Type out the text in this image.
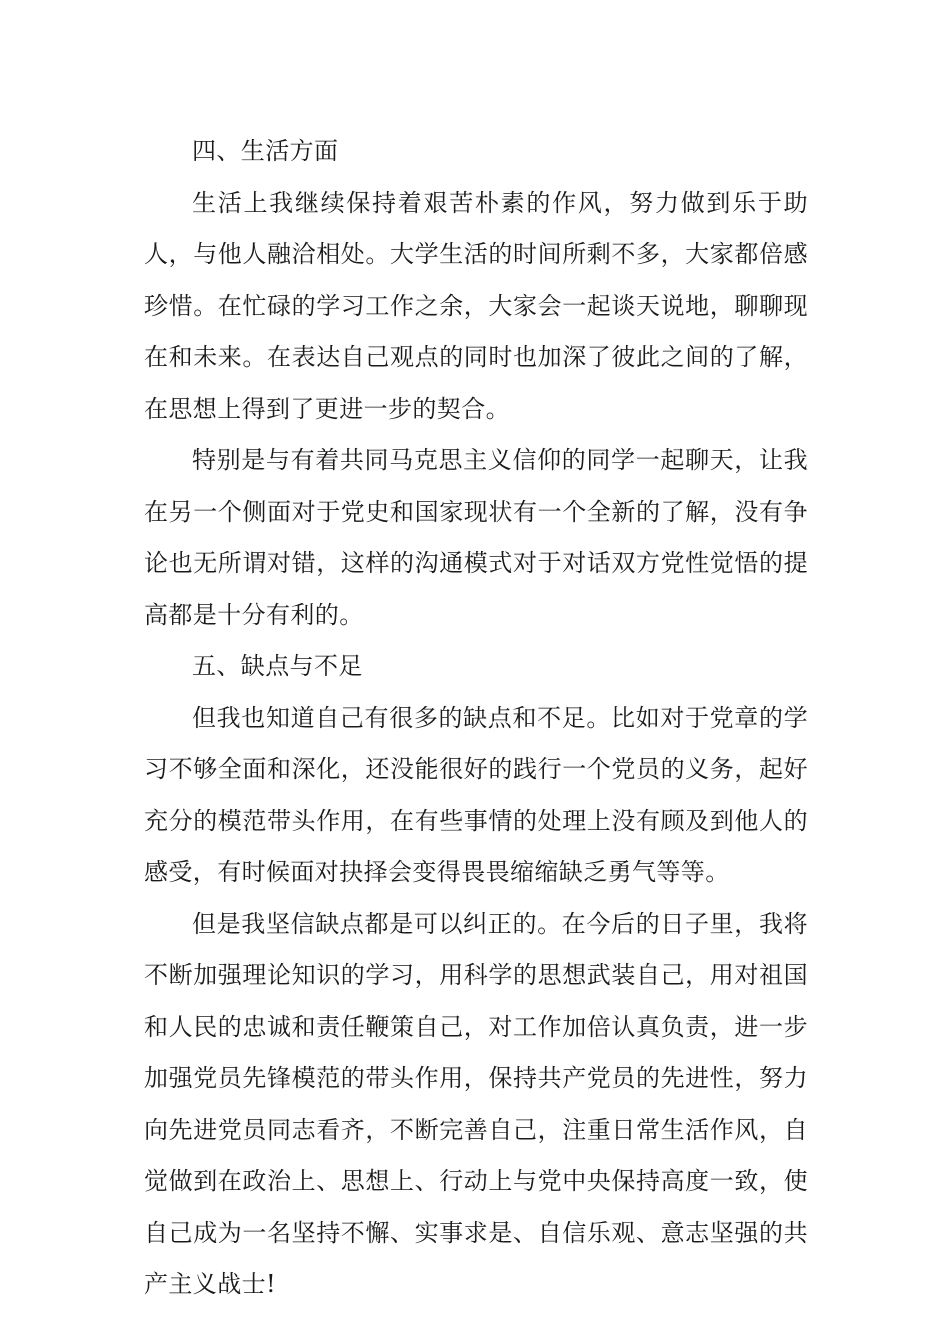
四、生活方面

生活上我继续保持着艰苦朴素的作风，努力做到乐于助人，与他人融洽相处。大学生活的时间所剩不多，大家都倍感珍惜。在忙碌的学习工作之余，大家会一起谈天说地，聊聊现在和未来。在表达自己观点的同时也加深了彼此之间的了解，在思想上得到了更进一步的契合。

特别是与有着共同马克思主义信仰的同学一起聊天，让我在另一个侧面对于党史和国家现状有一个全新的了解，没有争论也无所谓对错，这样的沟通模式对于对话双方党性觉悟的提高都是十分有利的。

五、缺点与不足

但我也知道自己有很多的缺点和不足。比如对于党章的学习不够全面和深化，还没能很好的践行一个党员的义务，起好充分的模范带头作用，在有些事情的处理上没有顾及到他人的感受，有时候面对抉择会变得畏畏缩缩缺乏勇气等等。

但是我坚信缺点都是可以纠正的。在今后的日子里，我将不断加强理论知识的学习，用科学的思想武装自己，用对祖国和人民的忠诚和责任鞭策自己，对工作加倍认真负责，进一步加强党员先锋模范的带头作用，保持共产党员的先进性，努力向先进党员同志看齐，不断完善自己，注重日常生活作风，自觉做到在政治上、思想上、行动上与党中央保持高度一致，使自己成为一名坚持不懈、实事求是、自信乐观、意志坚强的共产主义战士!
